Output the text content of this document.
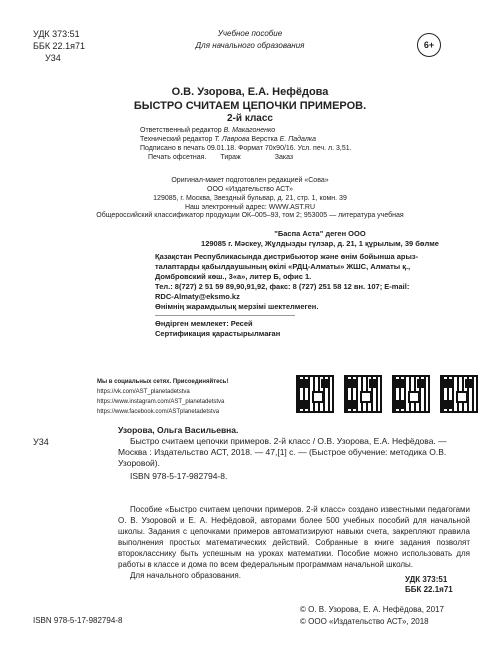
УДК 373:51
ББК 22.1я71
У34
Учебное пособие
Для начального образования	6+
О.В. Узорова, Е.А. Нефёдова
БЫСТРО СЧИТАЕМ ЦЕПОЧКИ ПРИМЕРОВ.
2-й класс
Ответственный редактор В. Макагоненко
Технический редактор Т. Лаврова Верстка Е. Падалка
Подписано в печать 09.01.18. Формат 70х90/16. Усл. печ. л. 3,51.
Печать офсетная. Тираж	Заказ
Оригинал-макет подготовлен редакцией «Сова»
ООО «Издательство АСТ»
129085, г. Москва, Звездный бульвар, д. 21, стр. 1, комн. 39
Наш электронный адрес: WWW.AST.RU
Общероссийский классификатор продукции ОК–005–93, том 2; 953005 — литература учебная
"Баспа Аста" деген ООО
129085 г. Мәскеу, Жұлдызды гүлзар, д. 21, 1 құрылым, 39 бөлме
Қазақстан Республикасында дистрибьютор және өнім бойынша арыз-
талаптарды қабылдаушының өкілі «РДЦ-Алматы» ЖШС, Алматы қ.,
Домбровский көш., 3«а», литер Б, офис 1.
Тел.: 8(727) 2 51 59 89,90,91,92, факс: 8 (727) 251 58 12 вн. 107; E-mail:
RDC-Almaty@eksmo.kz
Өнімнің жарамдылық мерзімі шектелмеген.
Өндірген мемлекет: Ресей
Сертификация қарастырылмаған
Мы в социальных сетях. Присоединяйтесь!
https://vk.com/AST_planetadetstva
https://www.instagram.com/AST_planetadetstva
https://www.facebook.com/ASTplanetadetstva
У34
Узорова, Ольга Васильевна.
Быстро считаем цепочки примеров. 2-й класс / О.В. Узорова, Е.А. Нефёдова. — Москва : Издательство АСТ, 2018. — 47,[1] с. — (Быстрое обучение: методика О.В. Узоровой).
ISBN 978-5-17-982794-8.
Пособие «Быстро считаем цепочки примеров. 2-й класс» создано известными педагогами О. В. Узоровой и Е. А. Нефёдовой, авторами более 500 учебных пособий для начальной школы. Задания с цепочками примеров автоматизируют навыки счета, закрепляют правила выполнения простых математических действий. Собранные в книге задания позволят второкласснику быть успешным на уроках математики. Пособие можно использовать для работы в классе и дома по всем федеральным программам начальной школы.
Для начального образования.	УДК 373:51
ББК 22.1я71
ISBN 978-5-17-982794-8
© О. В. Узорова, Е. А. Нефёдова, 2017
© ООО «Издательство АСТ», 2018
